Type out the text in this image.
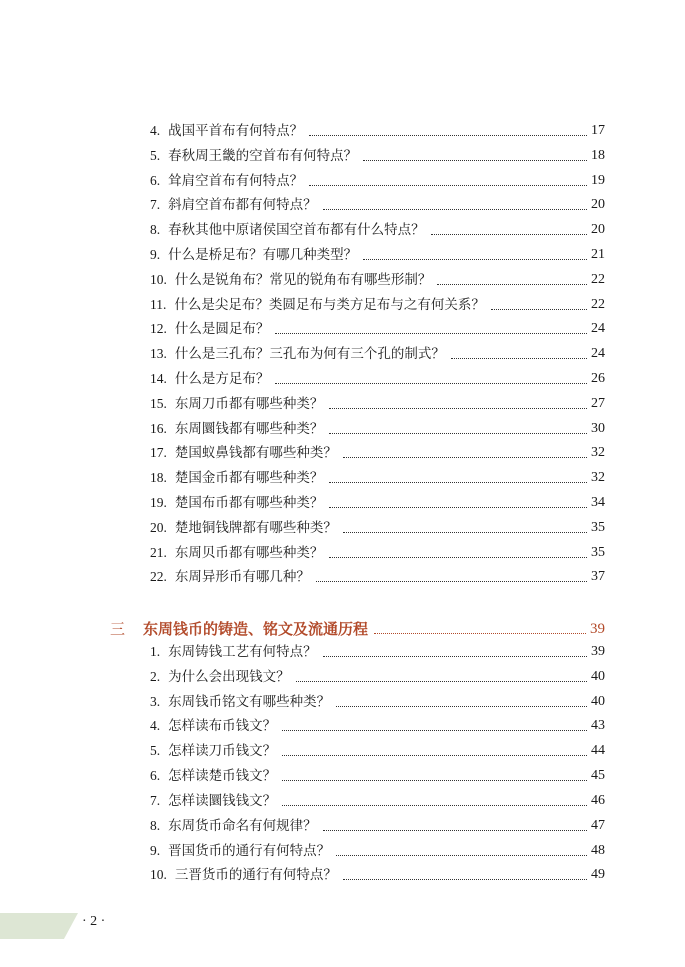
4. 战国平首布有何特点？	17
5. 春秋周王畿的空首布有何特点？	18
6. 耸肩空首布有何特点？	19
7. 斜肩空首布都有何特点？	20
8. 春秋其他中原诸侯国空首布都有什么特点？	20
9. 什么是桥足布？有哪几种类型？	21
10. 什么是锐角布？常见的锐角布有哪些形制？	22
11. 什么是尖足布？类圆足布与类方足布与之有何关系？	22
12. 什么是圆足布？	24
13. 什么是三孔布？三孔布为何有三个孔的制式？	24
14. 什么是方足布？	26
15. 东周刀币都有哪些种类？	27
16. 东周圜钱都有哪些种类？	30
17. 楚国蚁鼻钱都有哪些种类？	32
18. 楚国金币都有哪些种类？	32
19. 楚国布币都有哪些种类？	34
20. 楚地铜钱牌都有哪些种类？	35
21. 东周贝币都有哪些种类？	35
22. 东周异形币有哪几种？	37
三 东周钱币的铸造、铭文及流通历程	39
1. 东周铸钱工艺有何特点？	39
2. 为什么会出现钱文？	40
3. 东周钱币铭文有哪些种类？	40
4. 怎样读布币钱文？	43
5. 怎样读刀币钱文？	44
6. 怎样读楚币钱文？	45
7. 怎样读圜钱钱文？	46
8. 东周货币命名有何规律？	47
9. 晋国货币的通行有何特点？	48
10. 三晋货币的通行有何特点？	49
· 2 ·
